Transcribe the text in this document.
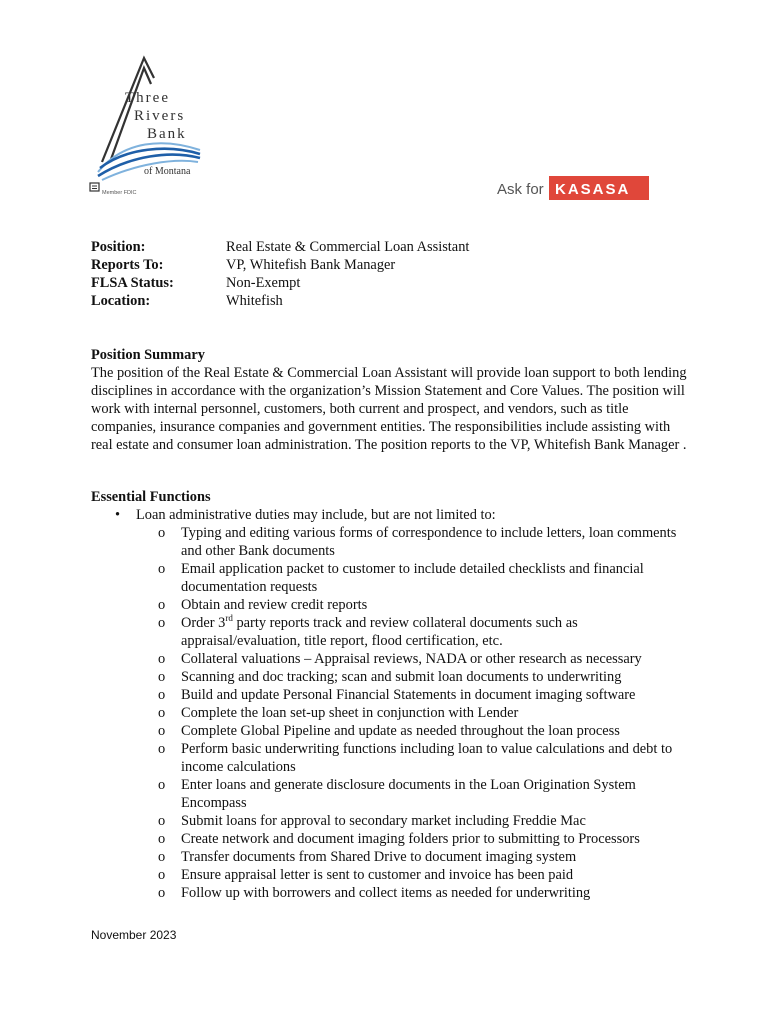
Three
Rivers
Bank
of Montana
Member FDIC	Ask for KASASA
Position:	Real Estate & Commercial Loan Assistant
Reports To:	VP, Whitefish Bank Manager
FLSA Status:	Non-Exempt
Location:	Whitefish
Position Summary

The position of the Real Estate & Commercial Loan Assistant will provide loan support to both lending disciplines in accordance with the organization’s Mission Statement and Core Values. The position will work with internal personnel, customers, both current and prospect, and vendors, such as title companies, insurance companies and government entities. The responsibilities include assisting with real estate and consumer loan administration. The position reports to the VP, Whitefish Bank Manager .

Essential Functions
• Loan administrative duties may include, but are not limited to:
o Typing and editing various forms of correspondence to include letters, loan comments and other Bank documents
o Email application packet to customer to include detailed checklists and financial documentation requests
o Obtain and review credit reports
o Order 3rd party reports track and review collateral documents such as appraisal/evaluation, title report, flood certification, etc.
o Collateral valuations – Appraisal reviews, NADA or other research as necessary
o Scanning and doc tracking; scan and submit loan documents to underwriting
o Build and update Personal Financial Statements in document imaging software
o Complete the loan set-up sheet in conjunction with Lender
o Complete Global Pipeline and update as needed throughout the loan process
o Perform basic underwriting functions including loan to value calculations and debt to income calculations
o Enter loans and generate disclosure documents in the Loan Origination System Encompass
o Submit loans for approval to secondary market including Freddie Mac
o Create network and document imaging folders prior to submitting to Processors
o Transfer documents from Shared Drive to document imaging system
o Ensure appraisal letter is sent to customer and invoice has been paid
o Follow up with borrowers and collect items as needed for underwriting
November 2023
